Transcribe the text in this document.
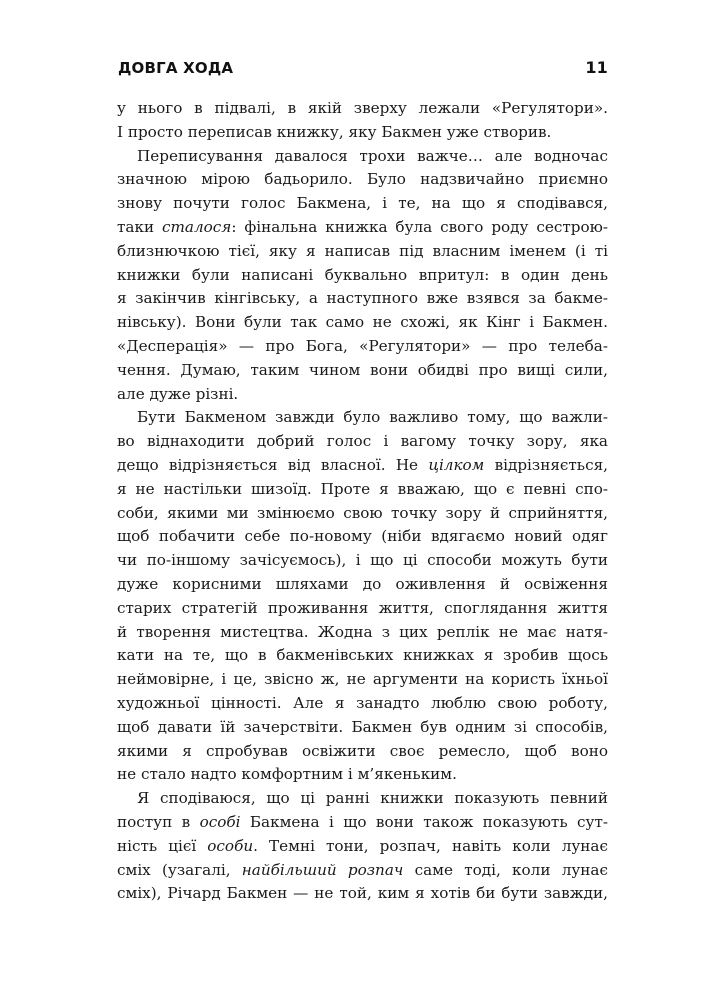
ДОВГА ХОДА	11
у нього в підвалі, в якій зверху лежали «Регулятори».
І просто переписав книжку, яку Бакмен уже створив.
Переписування давалося трохи важче… але водночас
значною мірою бадьорило. Було надзвичайно приємно
знову почути голос Бакмена, і те, на що я сподівався,
таки сталося: фінальна книжка була свого роду сестрою-
близнючкою тієї, яку я написав під власним іменем (і ті
книжки були написані буквально впритул: в один день
я закінчив кінгівську, а наступного вже взявся за бакме-
нівську). Вони були так само не схожі, як Кінг і Бакмен.
«Десперація» — про Бога, «Регулятори» — про телеба-
чення. Думаю, таким чином вони обидві про вищі сили,
але дуже різні.
Бути Бакменом завжди було важливо тому, що важли-
во віднаходити добрий голос і вагому точку зору, яка
дещо відрізняється від власної. Не цілком відрізняється,
я не настільки шизоїд. Проте я вважаю, що є певні спо-
соби, якими ми змінюємо свою точку зору й сприйняття,
щоб побачити себе по-новому (ніби вдягаємо новий одяг
чи по-іншому зачісуємось), і що ці способи можуть бути
дуже корисними шляхами до оживлення й освіження
старих стратегій проживання життя, споглядання життя
й творення мистецтва. Жодна з цих реплік не має натя-
кати на те, що в бакменівських книжках я зробив щось
неймовірне, і це, звісно ж, не аргументи на користь їхньої
художньої цінності. Але я занадто люблю свою роботу,
щоб давати їй зачерствіти. Бакмен був одним зі способів,
якими я спробував освіжити своє ремесло, щоб воно
не стало надто комфортним і м’якеньким.
Я сподіваюся, що ці ранні книжки показують певний
поступ в особі Бакмена і що вони також показують сут-
ність цієї особи. Темні тони, розпач, навіть коли лунає
сміх (узагалі, найбільший розпач саме тоді, коли лунає
сміх), Річард Бакмен — не той, ким я хотів би бути завжди,
